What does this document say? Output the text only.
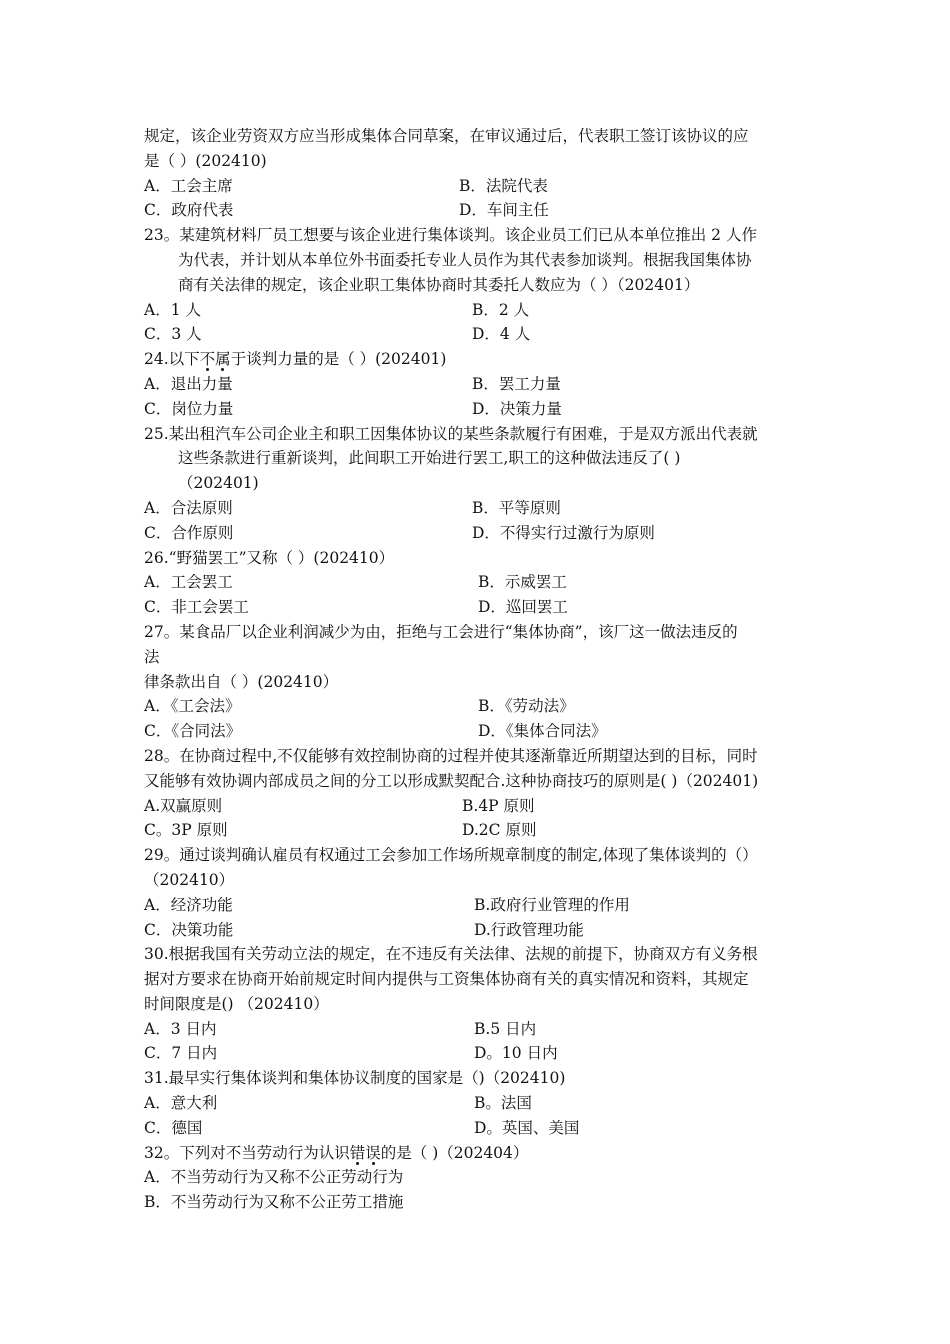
规定，该企业劳资双方应当形成集体合同草案，在审议通过后，代表职工签订该协议的应
是（ ）(202410)
A．工会主席	B．法院代表
C．政府代表	D．车间主任
23。某建筑材料厂员工想要与该企业进行集体谈判。该企业员工们已从本单位推出 2 人作
为代表，并计划从本单位外书面委托专业人员作为其代表参加谈判。根据我国集体协
商有关法律的规定，该企业职工集体协商时其委托人数应为（ ）（202401）
A．1 人	B．2 人
C．3 人	D．4 人
24.以下不属于谈判力量的是（ ）(202401)
A．退出力量	B．罢工力量
C．岗位力量	D．决策力量
25.某出租汽车公司企业主和职工因集体协议的某些条款履行有困难，于是双方派出代表就
这些条款进行重新谈判，此间职工开始进行罢工,职工的这种做法违反了( )
（202401)
A．合法原则	B．平等原则
C．合作原则	D．不得实行过激行为原则
26.“野猫罢工”又称（ ）(202410）
A．工会罢工	B．示威罢工
C．非工会罢工	D．巡回罢工
27。某食品厂以企业利润减少为由，拒绝与工会进行“集体协商”，该厂这一做法违反的
法
律条款出自（ ）(202410）
A．《工会法》	B．《劳动法》
C．《合同法》	D．《集体合同法》
28。在协商过程中,不仅能够有效控制协商的过程并使其逐渐靠近所期望达到的目标，同时
又能够有效协调内部成员之间的分工以形成默契配合.这种协商技巧的原则是( )（202401)
A.双赢原则	B.4P 原则
C。3P 原则	D.2C 原则
29。通过谈判确认雇员有权通过工会参加工作场所规章制度的制定,体现了集体谈判的（）
（202410）
A．经济功能	B.政府行业管理的作用
C．决策功能	D.行政管理功能
30.根据我国有关劳动立法的规定，在不违反有关法律、法规的前提下，协商双方有义务根
据对方要求在协商开始前规定时间内提供与工资集体协商有关的真实情况和资料，其规定
时间限度是() （202410）
A．3 日内	B.5 日内
C．7 日内	D。10 日内
31.最早实行集体谈判和集体协议制度的国家是（)（202410)
A．意大利	B。法国
C．德国	D。英国、美国
32。下列对不当劳动行为认识错误的是（ )（202404）
A．不当劳动行为又称不公正劳动行为
B．不当劳动行为又称不公正劳工措施
